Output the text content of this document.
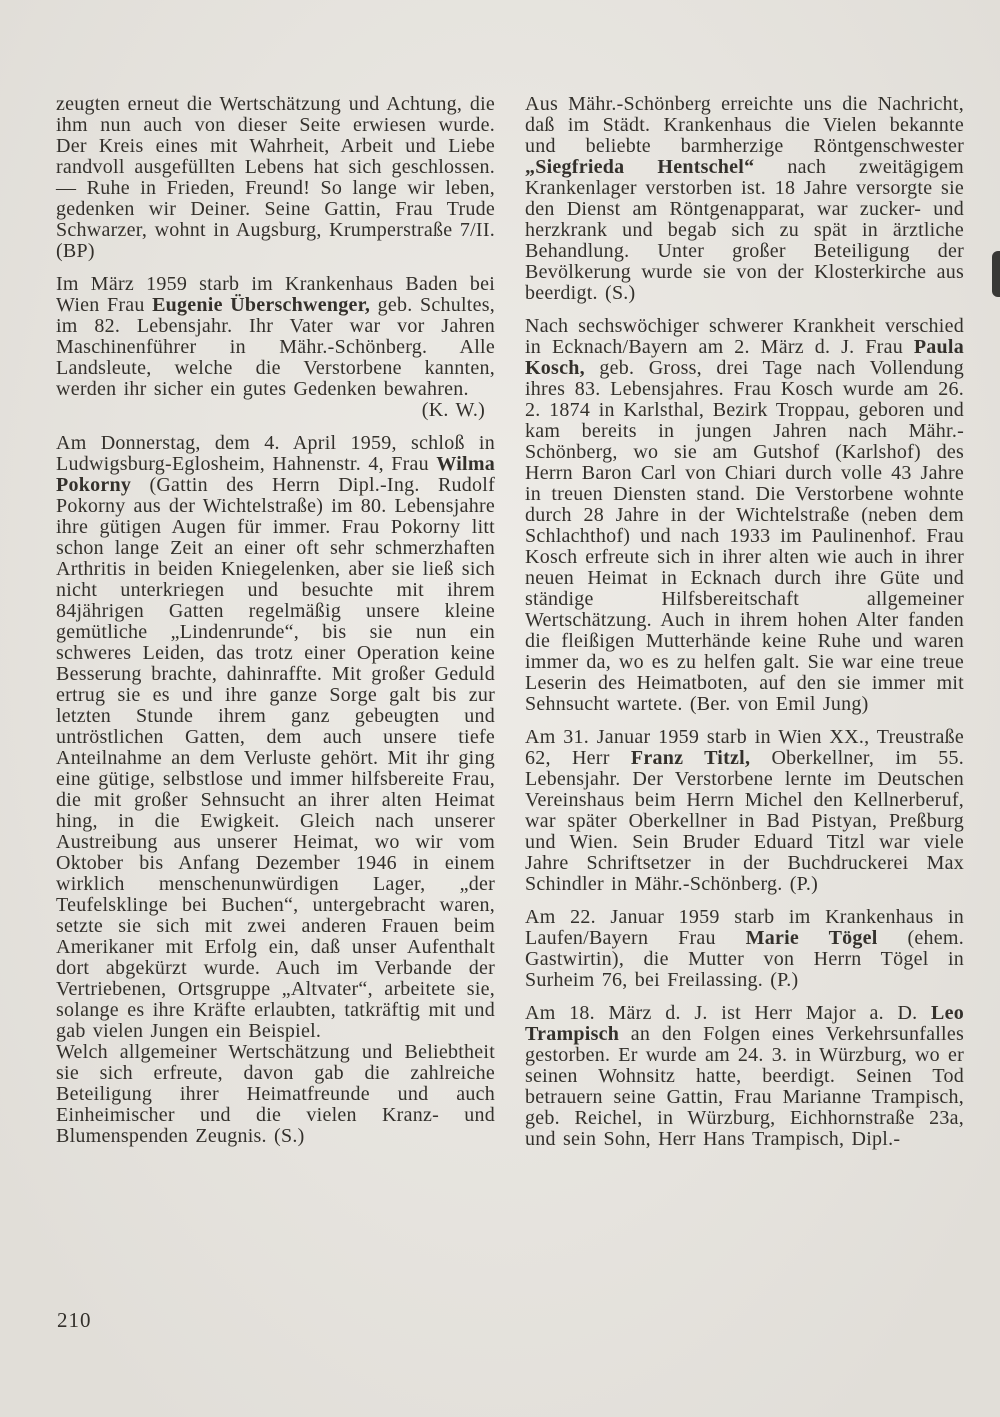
zeugten erneut die Wertschätzung und Achtung, die ihm nun auch von dieser Seite erwiesen wurde. Der Kreis eines mit Wahrheit, Arbeit und Liebe randvoll ausgefüllten Lebens hat sich geschlossen. — Ruhe in Frieden, Freund! So lange wir leben, gedenken wir Deiner. Seine Gattin, Frau Trude Schwarzer, wohnt in Augsburg, Krumperstraße 7/II. (BP)

Im März 1959 starb im Krankenhaus Baden bei Wien Frau Eugenie Überschwenger, geb. Schultes, im 82. Lebensjahr. Ihr Vater war vor Jahren Maschinenführer in Mähr.-Schönberg. Alle Landsleute, welche die Verstorbene kannten, werden ihr sicher ein gutes Gedenken bewahren.

(K. W.)

Am Donnerstag, dem 4. April 1959, schloß in Ludwigsburg-Eglosheim, Hahnenstr. 4, Frau Wilma Pokorny (Gattin des Herrn Dipl.-Ing. Rudolf Pokorny aus der Wichtelstraße) im 80. Lebensjahre ihre gütigen Augen für immer. Frau Pokorny litt schon lange Zeit an einer oft sehr schmerzhaften Arthritis in beiden Kniegelenken, aber sie ließ sich nicht unterkriegen und besuchte mit ihrem 84jährigen Gatten regelmäßig unsere kleine gemütliche „Lindenrunde“, bis sie nun ein schweres Leiden, das trotz einer Operation keine Besserung brachte, dahinraffte. Mit großer Geduld ertrug sie es und ihre ganze Sorge galt bis zur letzten Stunde ihrem ganz gebeugten und untröstlichen Gatten, dem auch unsere tiefe Anteilnahme an dem Verluste gehört. Mit ihr ging eine gütige, selbstlose und immer hilfsbereite Frau, die mit großer Sehnsucht an ihrer alten Heimat hing, in die Ewigkeit. Gleich nach unserer Austreibung aus unserer Heimat, wo wir vom Oktober bis Anfang Dezember 1946 in einem wirklich menschenunwürdigen Lager, „der Teufelsklinge bei Buchen“, untergebracht waren, setzte sie sich mit zwei anderen Frauen beim Amerikaner mit Erfolg ein, daß unser Aufenthalt dort abgekürzt wurde. Auch im Verbande der Vertriebenen, Ortsgruppe „Altvater“, arbeitete sie, solange es ihre Kräfte erlaubten, tatkräftig mit und gab vielen Jungen ein Beispiel.

Welch allgemeiner Wertschätzung und Beliebtheit sie sich erfreute, davon gab die zahlreiche Beteiligung ihrer Heimatfreunde und auch Einheimischer und die vielen Kranz- und Blumenspenden Zeugnis. (S.)

Aus Mähr.-Schönberg erreichte uns die Nachricht, daß im Städt. Krankenhaus die Vielen bekannte und beliebte barmherzige Röntgenschwester „Siegfrieda Hentschel“ nach zweitägigem Krankenlager verstorben ist. 18 Jahre versorgte sie den Dienst am Röntgenapparat, war zucker- und herzkrank und begab sich zu spät in ärztliche Behandlung. Unter großer Beteiligung der Bevölkerung wurde sie von der Klosterkirche aus beerdigt. (S.)

Nach sechswöchiger schwerer Krankheit verschied in Ecknach/Bayern am 2. März d. J. Frau Paula Kosch, geb. Gross, drei Tage nach Vollendung ihres 83. Lebensjahres. Frau Kosch wurde am 26. 2. 1874 in Karlsthal, Bezirk Troppau, geboren und kam bereits in jungen Jahren nach Mähr.-Schönberg, wo sie am Gutshof (Karlshof) des Herrn Baron Carl von Chiari durch volle 43 Jahre in treuen Diensten stand. Die Verstorbene wohnte durch 28 Jahre in der Wichtelstraße (neben dem Schlachthof) und nach 1933 im Paulinenhof. Frau Kosch erfreute sich in ihrer alten wie auch in ihrer neuen Heimat in Ecknach durch ihre Güte und ständige Hilfsbereitschaft allgemeiner Wertschätzung. Auch in ihrem hohen Alter fanden die fleißigen Mutterhände keine Ruhe und waren immer da, wo es zu helfen galt. Sie war eine treue Leserin des Heimatboten, auf den sie immer mit Sehnsucht wartete. (Ber. von Emil Jung)

Am 31. Januar 1959 starb in Wien XX., Treustraße 62, Herr Franz Titzl, Oberkellner, im 55. Lebensjahr. Der Verstorbene lernte im Deutschen Vereinshaus beim Herrn Michel den Kellnerberuf, war später Oberkellner in Bad Pistyan, Preßburg und Wien. Sein Bruder Eduard Titzl war viele Jahre Schriftsetzer in der Buchdruckerei Max Schindler in Mähr.-Schönberg. (P.)

Am 22. Januar 1959 starb im Krankenhaus in Laufen/Bayern Frau Marie Tögel (ehem. Gastwirtin), die Mutter von Herrn Tögel in Surheim 76, bei Freilassing. (P.)

Am 18. März d. J. ist Herr Major a. D. Leo Trampisch an den Folgen eines Verkehrsunfalles gestorben. Er wurde am 24. 3. in Würzburg, wo er seinen Wohnsitz hatte, beerdigt. Seinen Tod betrauern seine Gattin, Frau Marianne Trampisch, geb. Reichel, in Würzburg, Eichhornstraße 23a, und sein Sohn, Herr Hans Trampisch, Dipl.-

210
